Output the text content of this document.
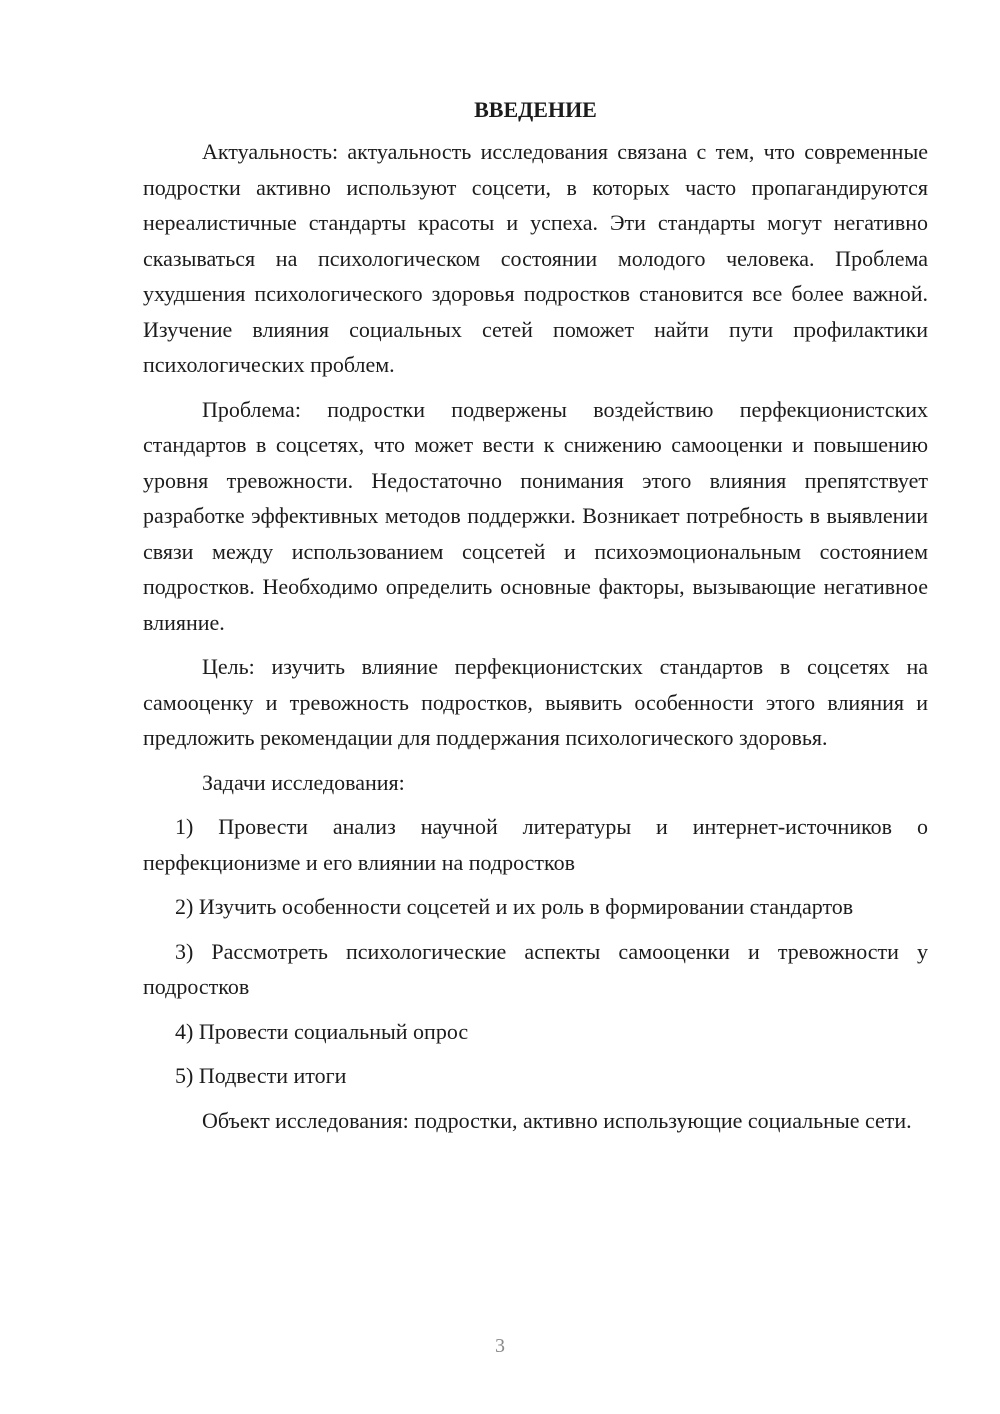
ВВЕДЕНИЕ

Актуальность: актуальность исследования связана с тем, что современные подростки активно используют соцсети, в которых часто пропагандируются нереалистичные стандарты красоты и успеха. Эти стандарты могут негативно сказываться на психологическом состоянии молодого человека. Проблема ухудшения психологического здоровья подростков становится все более важной. Изучение влияния социальных сетей поможет найти пути профилактики психологических проблем.

Проблема: подростки подвержены воздействию перфекционистских стандартов в соцсетях, что может вести к снижению самооценки и повышению уровня тревожности. Недостаточно понимания этого влияния препятствует разработке эффективных методов поддержки. Возникает потребность в выявлении связи между использованием соцсетей и психоэмоциональным состоянием подростков. Необходимо определить основные факторы, вызывающие негативное влияние.

Цель: изучить влияние перфекционистских стандартов в соцсетях на самооценку и тревожность подростков, выявить особенности этого влияния и предложить рекомендации для поддержания психологического здоровья.

Задачи исследования:

1) Провести анализ научной литературы и интернет-источников о перфекционизме и его влиянии на подростков

2) Изучить особенности соцсетей и их роль в формировании стандартов

3) Рассмотреть психологические аспекты самооценки и тревожности у подростков

4) Провести социальный опрос

5) Подвести итоги

Объект исследования: подростки, активно использующие социальные сети.

3
